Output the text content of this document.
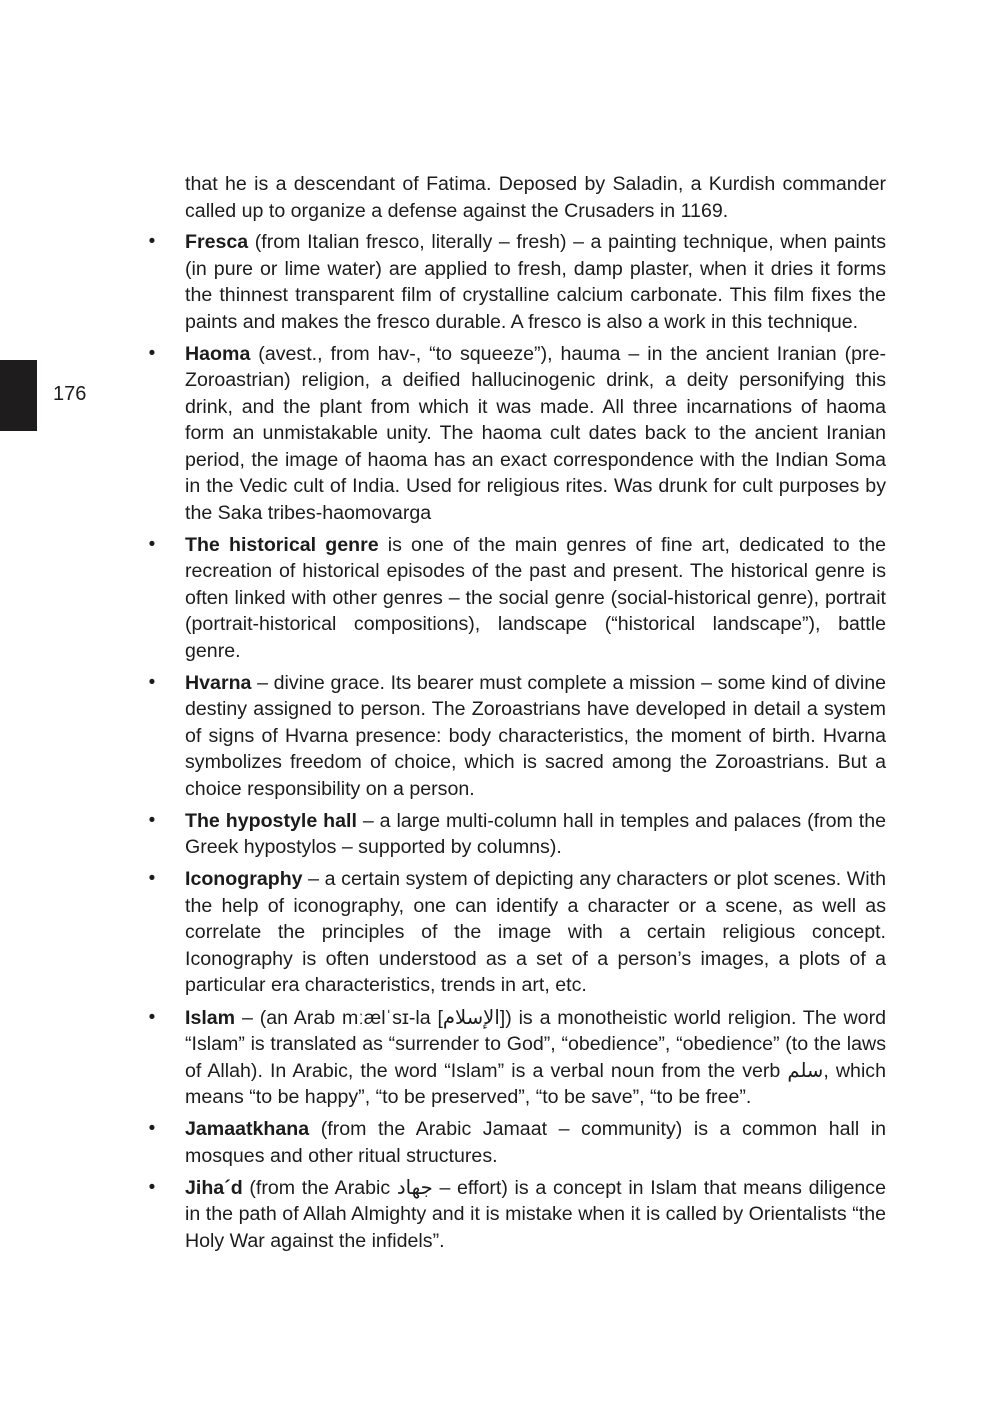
176

that he is a descendant of Fatima. Deposed by Saladin, a Kurdish commander called up to organize a defense against the Crusaders in 1169.

• Fresca (from Italian fresco, literally – fresh) – a painting technique, when paints (in pure or lime water) are applied to fresh, damp plaster, when it dries it forms the thinnest transparent film of crystalline calcium carbonate. This film fixes the paints and makes the fresco durable. A fresco is also a work in this technique.

• Haoma (avest., from hav-, “to squeeze”), hauma – in the ancient Iranian (pre-Zoroastrian) religion, a deified hallucinogenic drink, a deity personifying this drink, and the plant from which it was made. All three incarnations of haoma form an unmistakable unity. The haoma cult dates back to the ancient Iranian period, the image of haoma has an exact correspondence with the Indian Soma in the Vedic cult of India. Used for religious rites. Was drunk for cult purposes by the Saka tribes-haomovarga

• The historical genre is one of the main genres of fine art, dedicated to the recreation of historical episodes of the past and present. The historical genre is often linked with other genres – the social genre (social-historical genre), portrait (portrait-historical compositions), landscape (“historical landscape”), battle genre.

• Hvarna – divine grace. Its bearer must complete a mission – some kind of divine destiny assigned to person. The Zoroastrians have developed in detail a system of signs of Hvarna presence: body characteristics, the moment of birth. Hvarna symbolizes freedom of choice, which is sacred among the Zoroastrians. But a choice responsibility on a person.

• The hypostyle hall – a large multi-column hall in temples and palaces (from the Greek hypostylos – supported by columns).

• Iconography – a certain system of depicting any characters or plot scenes. With the help of iconography, one can identify a character or a scene, as well as correlate the principles of the image with a certain religious concept. Iconography is often understood as a set of a person’s images, a plots of a particular era characteristics, trends in art, etc.

• Islam – (an Arab mːælˈsɪ-la [الإسلام]) is a monotheistic world religion. The word “Islam” is translated as “surrender to God”, “obedience”, “obedience” (to the laws of Allah). In Arabic, the word “Islam” is a verbal noun from the verb سلم, which means “to be happy”, “to be preserved”, “to be save”, “to be free”.

• Jamaatkhana (from the Arabic Jamaat – community) is a common hall in mosques and other ritual structures.

• Jiha´d (from the Arabic جهاد – effort) is a concept in Islam that means diligence in the path of Allah Almighty and it is mistake when it is called by Orientalists “the Holy War against the infidels”.
